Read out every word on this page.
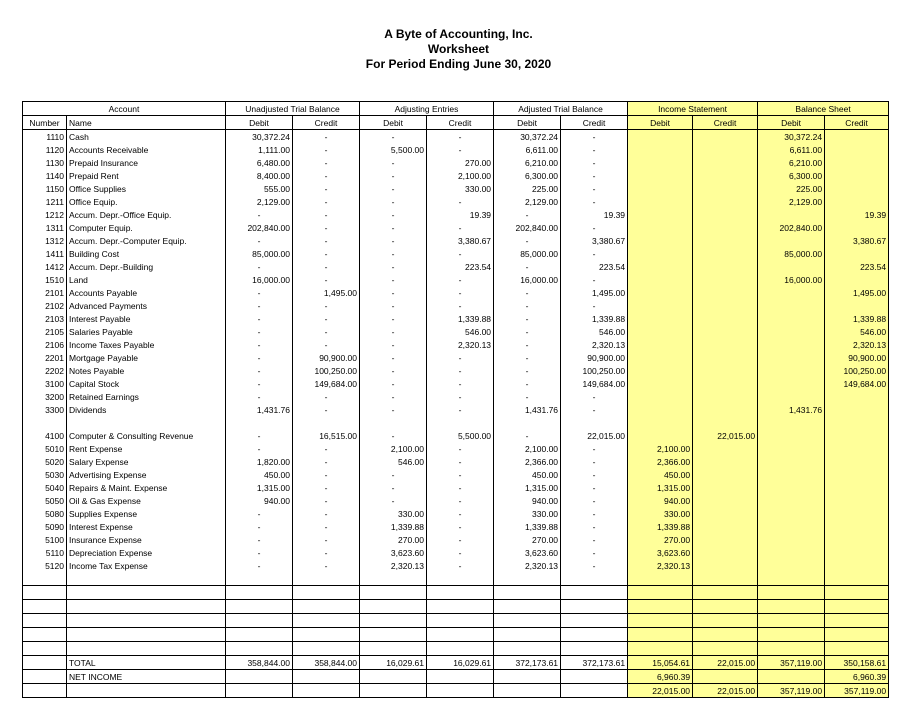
A Byte of Accounting, Inc.
Worksheet
For Period Ending June 30, 2020
Account		Unadjusted Trial Balance		Adjusting Entries		Adjusted Trial Balance		Income Statement		Balance Sheet	
Number	Name	Debit	Credit	Debit	Credit	Debit	Credit	Debit	Credit	Debit	Credit
1110	Cash	30,372.24	-	-	-	30,372.24	-			30,372.24	
1120	Accounts Receivable	1,111.00	-	5,500.00	-	6,611.00	-			6,611.00	
1130	Prepaid Insurance	6,480.00	-	-	270.00	6,210.00	-			6,210.00	
1140	Prepaid Rent	8,400.00	-	-	2,100.00	6,300.00	-			6,300.00	
1150	Office Supplies	555.00	-	-	330.00	225.00	-			225.00	
1211	Office Equip.	2,129.00	-	-	-	2,129.00	-			2,129.00	
1212	Accum. Depr.-Office Equip.	-	-	-	19.39	-	19.39				19.39
1311	Computer Equip.	202,840.00	-	-	-	202,840.00	-			202,840.00	
1312	Accum. Depr.-Computer Equip.	-	-	-	3,380.67	-	3,380.67				3,380.67
1411	Building Cost	85,000.00	-	-	-	85,000.00	-			85,000.00	
1412	Accum. Depr.-Building	-	-	-	223.54	-	223.54				223.54
1510	Land	16,000.00	-	-	-	16,000.00	-			16,000.00	
2101	Accounts Payable	-	1,495.00	-	-	-	1,495.00				1,495.00
2102	Advanced Payments	-	-	-	-	-	-				
2103	Interest Payable	-	-	-	1,339.88	-	1,339.88				1,339.88
2105	Salaries Payable	-	-	-	546.00	-	546.00				546.00
2106	Income Taxes Payable	-	-	-	2,320.13	-	2,320.13				2,320.13
2201	Mortgage Payable	-	90,900.00	-	-	-	90,900.00				90,900.00
2202	Notes Payable	-	100,250.00	-	-	-	100,250.00				100,250.00
3100	Capital Stock	-	149,684.00	-	-	-	149,684.00				149,684.00
3200	Retained Earnings	-	-	-	-	-	-				
3300	Dividends	1,431.76	-	-	-	1,431.76	-			1,431.76	

4100	Computer & Consulting Revenue	-	16,515.00	-	5,500.00	-	22,015.00		22,015.00		
5010	Rent Expense	-	-	2,100.00	-	2,100.00	-	2,100.00			
5020	Salary Expense	1,820.00	-	546.00	-	2,366.00	-	2,366.00			
5030	Advertising Expense	450.00	-	-	-	450.00	-	450.00			
5040	Repairs & Maint. Expense	1,315.00	-	-	-	1,315.00	-	1,315.00			
5050	Oil & Gas Expense	940.00	-	-	-	940.00	-	940.00			
5080	Supplies Expense	-	-	330.00	-	330.00	-	330.00			
5090	Interest Expense	-	-	1,339.88	-	1,339.88	-	1,339.88			
5100	Insurance Expense	-	-	270.00	-	270.00	-	270.00			
5110	Depreciation Expense	-	-	3,623.60	-	3,623.60	-	3,623.60			
5120	Income Tax Expense	-	-	2,320.13	-	2,320.13	-	2,320.13			

	TOTAL	358,844.00	358,844.00	16,029.61	16,029.61	372,173.61	372,173.61	15,054.61	22,015.00	357,119.00	350,158.61
	NET INCOME							6,960.39			6,960.39
								22,015.00	22,015.00	357,119.00	357,119.00
